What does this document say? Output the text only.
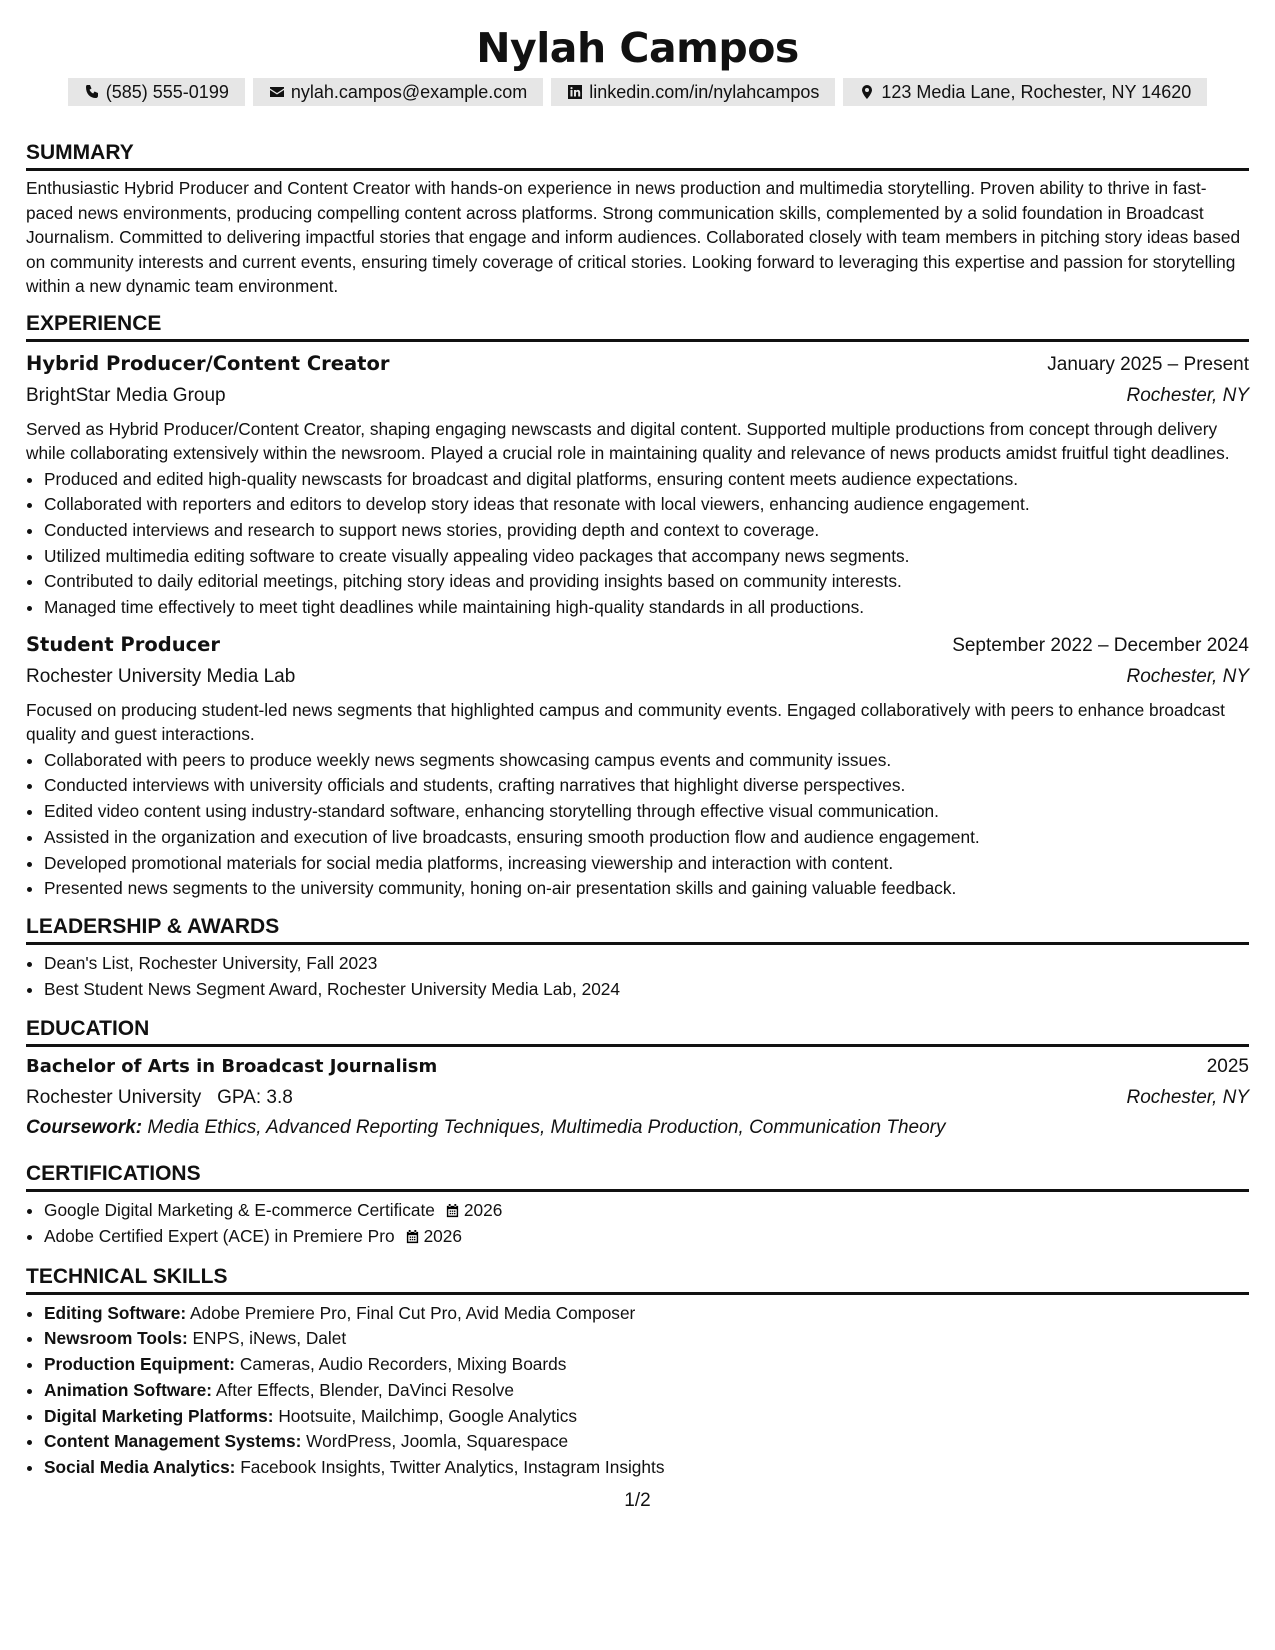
Nylah Campos
(585) 555-0199	nylah.campos@example.com	linkedin.com/in/nylahcampos	123 Media Lane, Rochester, NY 14620
SUMMARY
Enthusiastic Hybrid Producer and Content Creator with hands-on experience in news production and multimedia storytelling. Proven ability to thrive in fast-paced news environments, producing compelling content across platforms. Strong communication skills, complemented by a solid foundation in Broadcast Journalism. Committed to delivering impactful stories that engage and inform audiences. Collaborated closely with team members in pitching story ideas based on community interests and current events, ensuring timely coverage of critical stories. Looking forward to leveraging this expertise and passion for storytelling within a new dynamic team environment.
EXPERIENCE
Hybrid Producer/Content Creator	January 2025 – Present
BrightStar Media Group	Rochester, NY
Served as Hybrid Producer/Content Creator, shaping engaging newscasts and digital content. Supported multiple productions from concept through delivery while collaborating extensively within the newsroom. Played a crucial role in maintaining quality and relevance of news products amidst fruitful tight deadlines.
• Produced and edited high-quality newscasts for broadcast and digital platforms, ensuring content meets audience expectations.
• Collaborated with reporters and editors to develop story ideas that resonate with local viewers, enhancing audience engagement.
• Conducted interviews and research to support news stories, providing depth and context to coverage.
• Utilized multimedia editing software to create visually appealing video packages that accompany news segments.
• Contributed to daily editorial meetings, pitching story ideas and providing insights based on community interests.
• Managed time effectively to meet tight deadlines while maintaining high-quality standards in all productions.
Student Producer	September 2022 – December 2024
Rochester University Media Lab	Rochester, NY
Focused on producing student-led news segments that highlighted campus and community events. Engaged collaboratively with peers to enhance broadcast quality and guest interactions.
• Collaborated with peers to produce weekly news segments showcasing campus events and community issues.
• Conducted interviews with university officials and students, crafting narratives that highlight diverse perspectives.
• Edited video content using industry-standard software, enhancing storytelling through effective visual communication.
• Assisted in the organization and execution of live broadcasts, ensuring smooth production flow and audience engagement.
• Developed promotional materials for social media platforms, increasing viewership and interaction with content.
• Presented news segments to the university community, honing on-air presentation skills and gaining valuable feedback.
LEADERSHIP & AWARDS
• Dean's List, Rochester University, Fall 2023
• Best Student News Segment Award, Rochester University Media Lab, 2024
EDUCATION
Bachelor of Arts in Broadcast Journalism	2025
Rochester University GPA: 3.8	Rochester, NY
Coursework: Media Ethics, Advanced Reporting Techniques, Multimedia Production, Communication Theory
CERTIFICATIONS
• Google Digital Marketing & E-commerce Certificate 2026
• Adobe Certified Expert (ACE) in Premiere Pro 2026
TECHNICAL SKILLS
• Editing Software: Adobe Premiere Pro, Final Cut Pro, Avid Media Composer
• Newsroom Tools: ENPS, iNews, Dalet
• Production Equipment: Cameras, Audio Recorders, Mixing Boards
• Animation Software: After Effects, Blender, DaVinci Resolve
• Digital Marketing Platforms: Hootsuite, Mailchimp, Google Analytics
• Content Management Systems: WordPress, Joomla, Squarespace
• Social Media Analytics: Facebook Insights, Twitter Analytics, Instagram Insights
1/2
